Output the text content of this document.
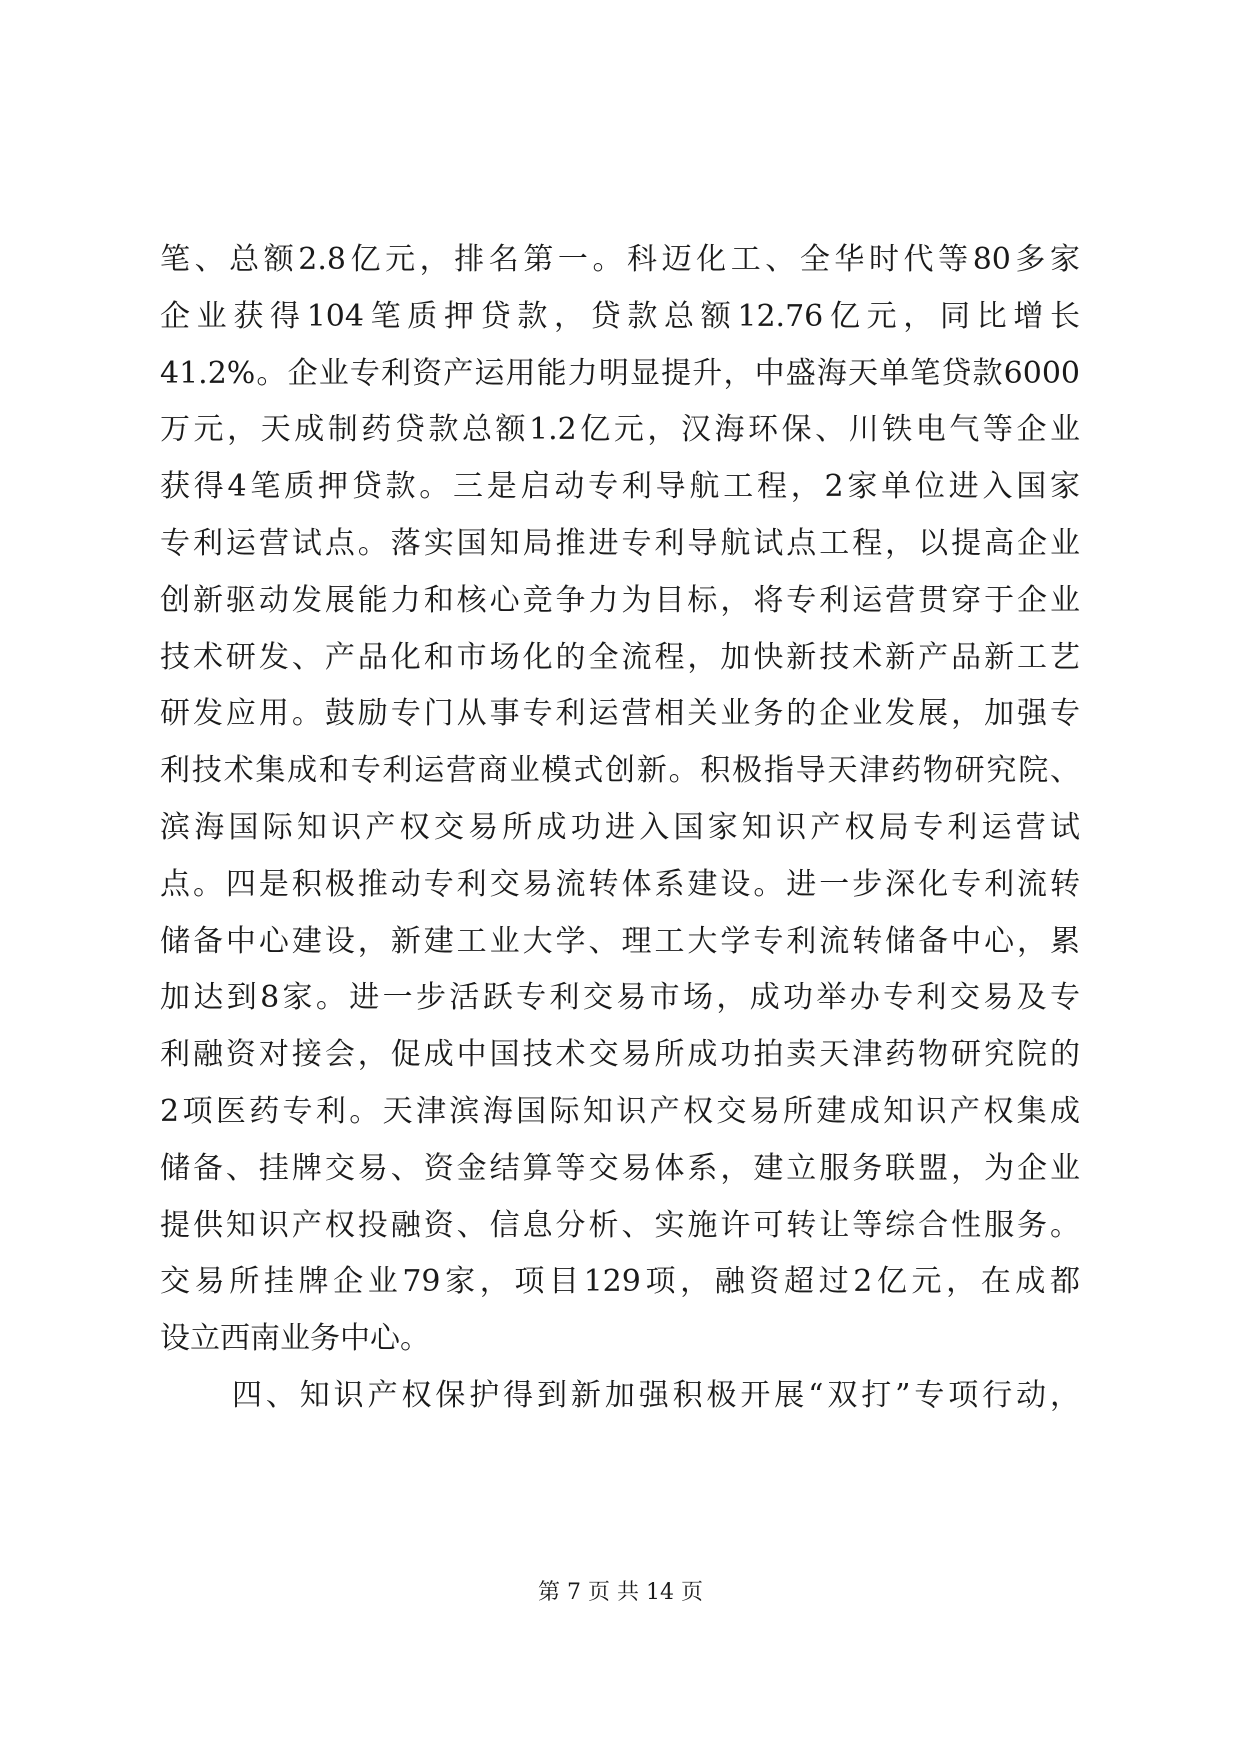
笔、总额2.8亿元，排名第一。科迈化工、全华时代等80多家
企业获得104笔质押贷款，贷款总额12.76亿元，同比增长
41.2%。企业专利资产运用能力明显提升，中盛海天单笔贷款6000
万元，天成制药贷款总额1.2亿元，汉海环保、川铁电气等企业
获得4笔质押贷款。三是启动专利导航工程，2家单位进入国家
专利运营试点。落实国知局推进专利导航试点工程，以提高企业
创新驱动发展能力和核心竞争力为目标，将专利运营贯穿于企业
技术研发、产品化和市场化的全流程，加快新技术新产品新工艺
研发应用。鼓励专门从事专利运营相关业务的企业发展，加强专
利技术集成和专利运营商业模式创新。积极指导天津药物研究院、
滨海国际知识产权交易所成功进入国家知识产权局专利运营试
点。四是积极推动专利交易流转体系建设。进一步深化专利流转
储备中心建设，新建工业大学、理工大学专利流转储备中心，累
加达到8家。进一步活跃专利交易市场，成功举办专利交易及专
利融资对接会，促成中国技术交易所成功拍卖天津药物研究院的
2项医药专利。天津滨海国际知识产权交易所建成知识产权集成
储备、挂牌交易、资金结算等交易体系，建立服务联盟，为企业
提供知识产权投融资、信息分析、实施许可转让等综合性服务。
交易所挂牌企业79家，项目129项，融资超过2亿元，在成都
设立西南业务中心。
四、知识产权保护得到新加强积极开展“双打”专项行动，
第 7 页 共 14 页
